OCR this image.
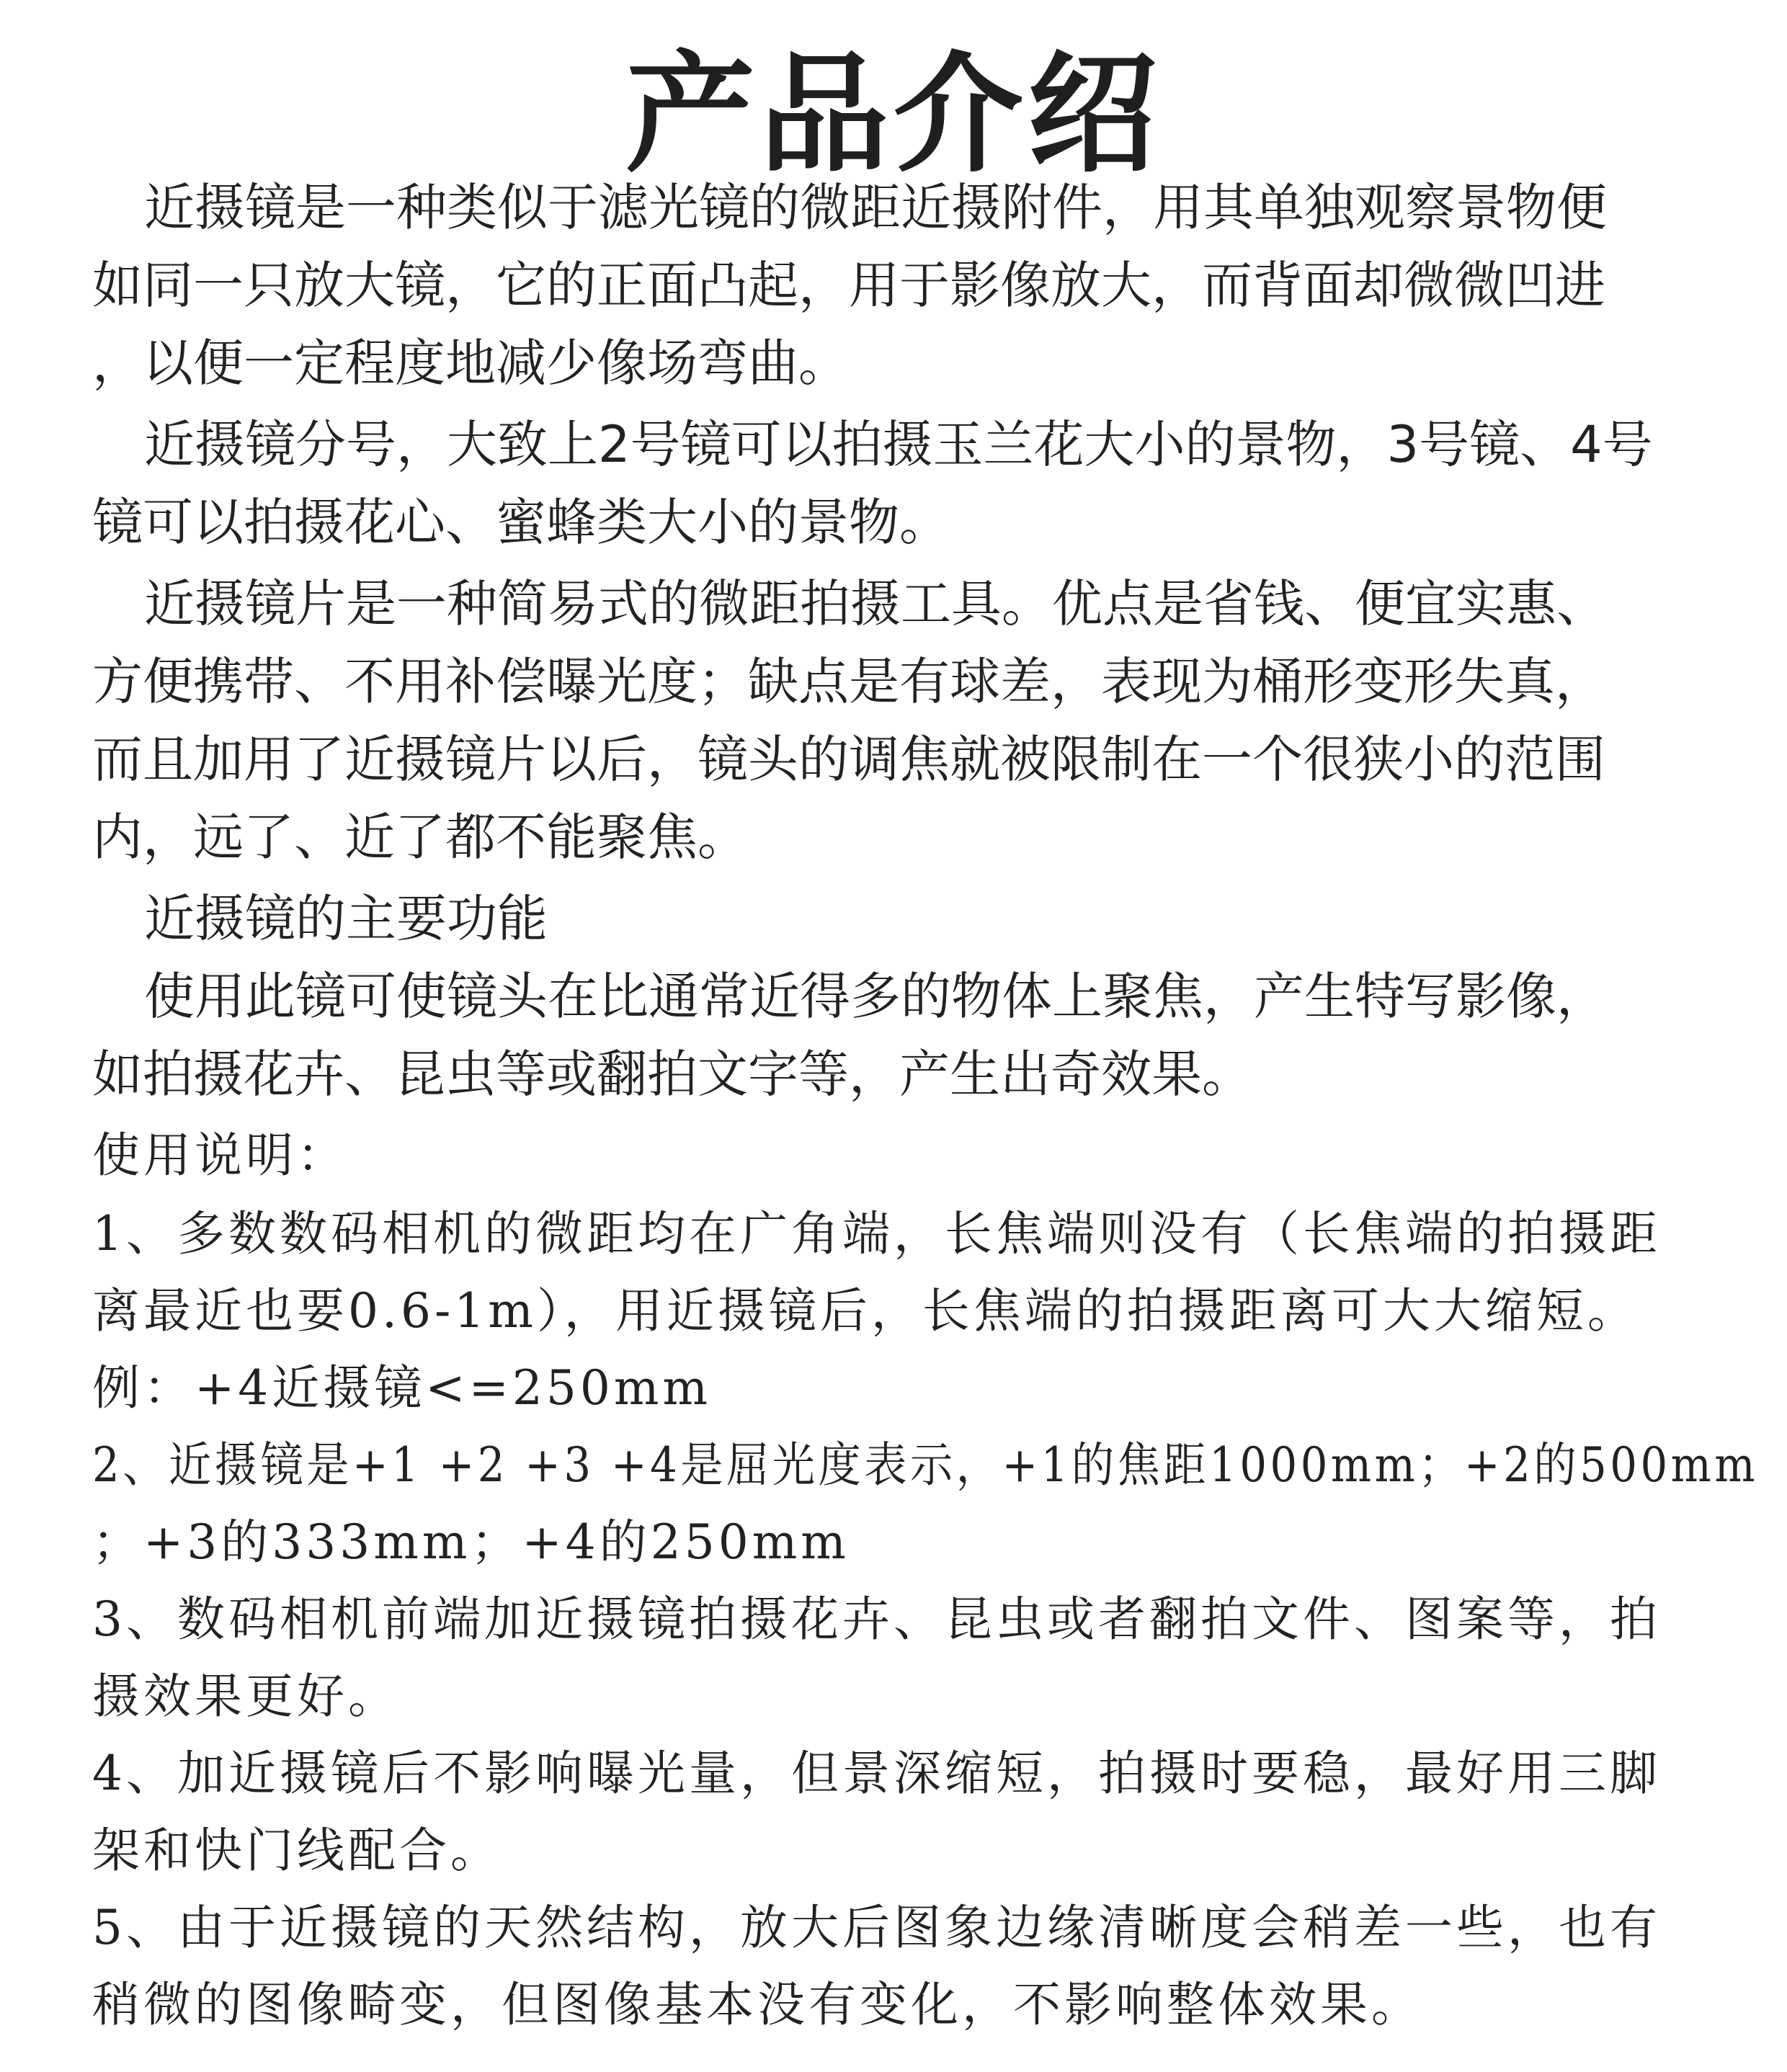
产品介绍
近摄镜是一种类似于滤光镜的微距近摄附件，用其单独观察景物便
如同一只放大镜，它的正面凸起，用于影像放大，而背面却微微凹进
，以便一定程度地减少像场弯曲。
近摄镜分号，大致上2号镜可以拍摄玉兰花大小的景物，3号镜、4号
镜可以拍摄花心、蜜蜂类大小的景物。
近摄镜片是一种简易式的微距拍摄工具。优点是省钱、便宜实惠、
方便携带、不用补偿曝光度；缺点是有球差，表现为桶形变形失真，
而且加用了近摄镜片以后，镜头的调焦就被限制在一个很狭小的范围
内，远了、近了都不能聚焦。
近摄镜的主要功能
使用此镜可使镜头在比通常近得多的物体上聚焦，产生特写影像，
如拍摄花卉、昆虫等或翻拍文字等，产生出奇效果。
使用说明：
1、多数数码相机的微距均在广角端，长焦端则没有（长焦端的拍摄距
离最近也要0.6-1m），用近摄镜后，长焦端的拍摄距离可大大缩短。
例：+4近摄镜<=250mm
2、近摄镜是+1 +2 +3 +4是屈光度表示，+1的焦距1000mm；+2的500mm
；+3的333mm；+4的250mm
3、数码相机前端加近摄镜拍摄花卉、昆虫或者翻拍文件、图案等，拍
摄效果更好。
4、加近摄镜后不影响曝光量，但景深缩短，拍摄时要稳，最好用三脚
架和快门线配合。
5、由于近摄镜的天然结构，放大后图象边缘清晰度会稍差一些，也有
稍微的图像畸变，但图像基本没有变化，不影响整体效果。
